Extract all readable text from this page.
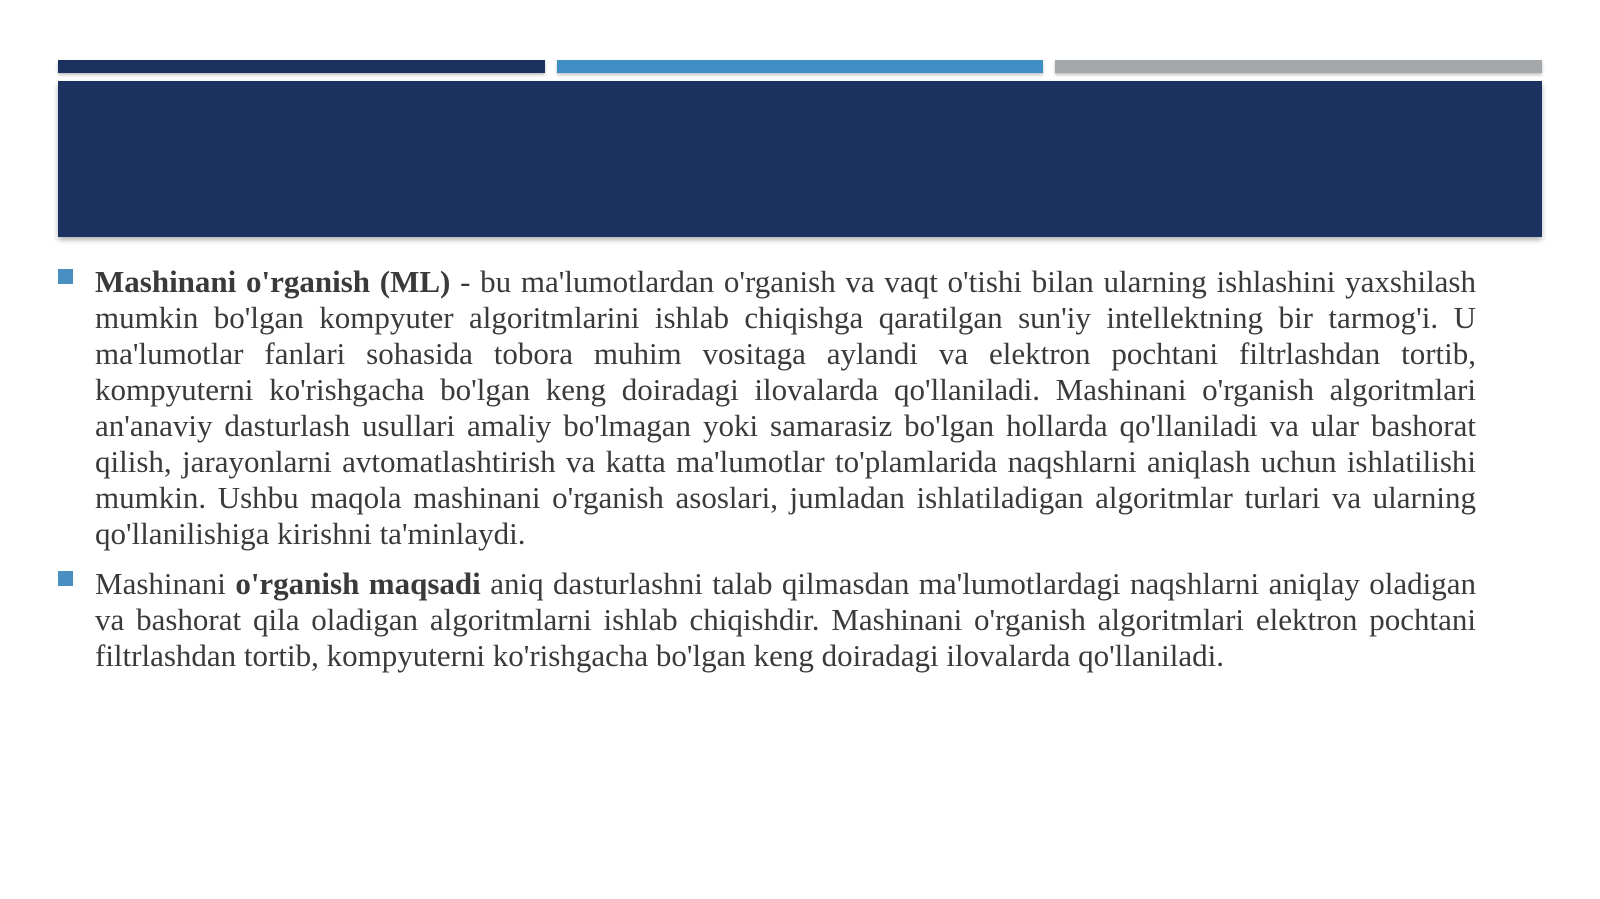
Mashinani o'rganish (ML) - bu ma'lumotlardan o'rganish va vaqt o'tishi bilan ularning ishlashini yaxshilash mumkin bo'lgan kompyuter algoritmlarini ishlab chiqishga qaratilgan sun'iy intellektning bir tarmog'i. U ma'lumotlar fanlari sohasida tobora muhim vositaga aylandi va elektron pochtani filtrlashdan tortib, kompyuterni ko'rishgacha bo'lgan keng doiradagi ilovalarda qo'llaniladi. Mashinani o'rganish algoritmlari an'anaviy dasturlash usullari amaliy bo'lmagan yoki samarasiz bo'lgan hollarda qo'llaniladi va ular bashorat qilish, jarayonlarni avtomatlashtirish va katta ma'lumotlar to'plamlarida naqshlarni aniqlash uchun ishlatilishi mumkin. Ushbu maqola mashinani o'rganish asoslari, jumladan ishlatiladigan algoritmlar turlari va ularning qo'llanilishiga kirishni ta'minlaydi.

Mashinani o'rganish maqsadi aniq dasturlashni talab qilmasdan ma'lumotlardagi naqshlarni aniqlay oladigan va bashorat qila oladigan algoritmlarni ishlab chiqishdir. Mashinani o'rganish algoritmlari elektron pochtani filtrlashdan tortib, kompyuterni ko'rishgacha bo'lgan keng doiradagi ilovalarda qo'llaniladi.
